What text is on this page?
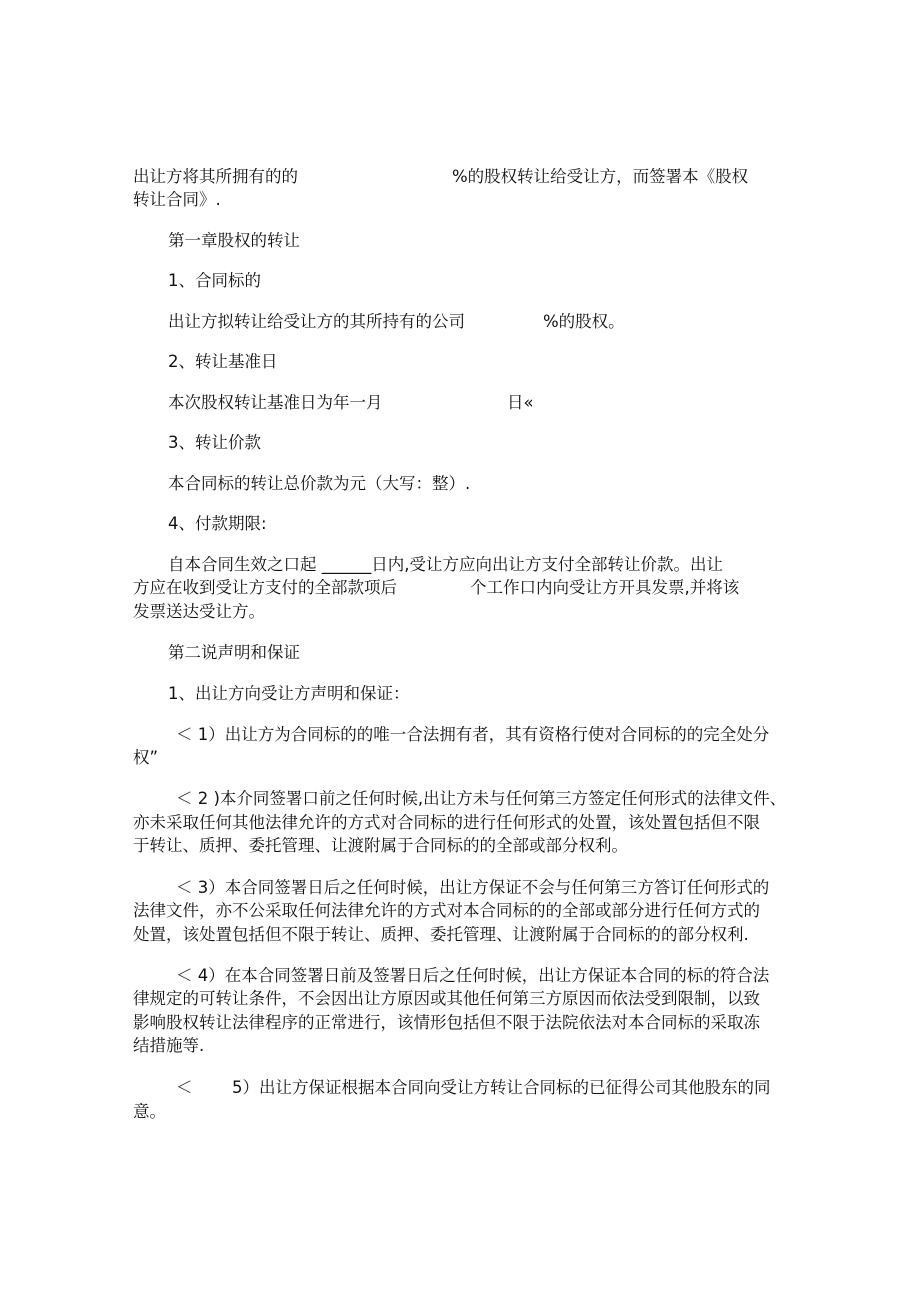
出让方将其所拥有的的	%的股权转让给受让方，而签署本《股权
转让合同》.
第一章股权的转让
1、合同标的
出让方拟转让给受让方的其所持有的公司	%的股权。
2、转让基准日
本次股权转让基准日为年一月	日«
3、转让价款
本合同标的转让总价款为元（大写：整）.
4、付款期限:
自本合同生效之口起 ______日内,受让方应向出让方支付全部转让价款。出让
方应在收到受让方支付的全部款项后	个工作口内向受让方开具发票,并将该
发票送达受让方。
第二说声明和保证
1、出让方向受让方声明和保证：
＜ 1）出让方为合同标的的唯一合法拥有者，其有资格行使对合同标的的完全处分
权”
＜ 2 )本介同签署口前之任何时候,出让方未与任何第三方签定任何形式的法律文件、
亦未采取任何其他法律允许的方式对合同标的进行任何形式的处置，该处置包括但不限
于转让、质押、委托管理、让渡附属于合同标的的全部或部分权利。
＜ 3）本合同签署日后之任何时候，出让方保证不会与任何第三方答订任何形式的
法律文件，亦不公采取任何法律允许的方式对本合同标的的全部或部分进行任何方式的
处置，该处置包括但不限于转让、质押、委托管理、让渡附属于合同标的的部分权利.
＜ 4）在本合同签署日前及签署日后之任何时候，出让方保证本合同的标的符合法
律规定的可转让条件，不会因出让方原因或其他任何第三方原因而依法受到限制，以致
影响股权转让法律程序的正常进行，该情形包括但不限于法院依法对本合同标的采取冻
结措施等.
＜ 5）出让方保证根据本合同向受让方转让合同标的已征得公司其他股东的同
意。
